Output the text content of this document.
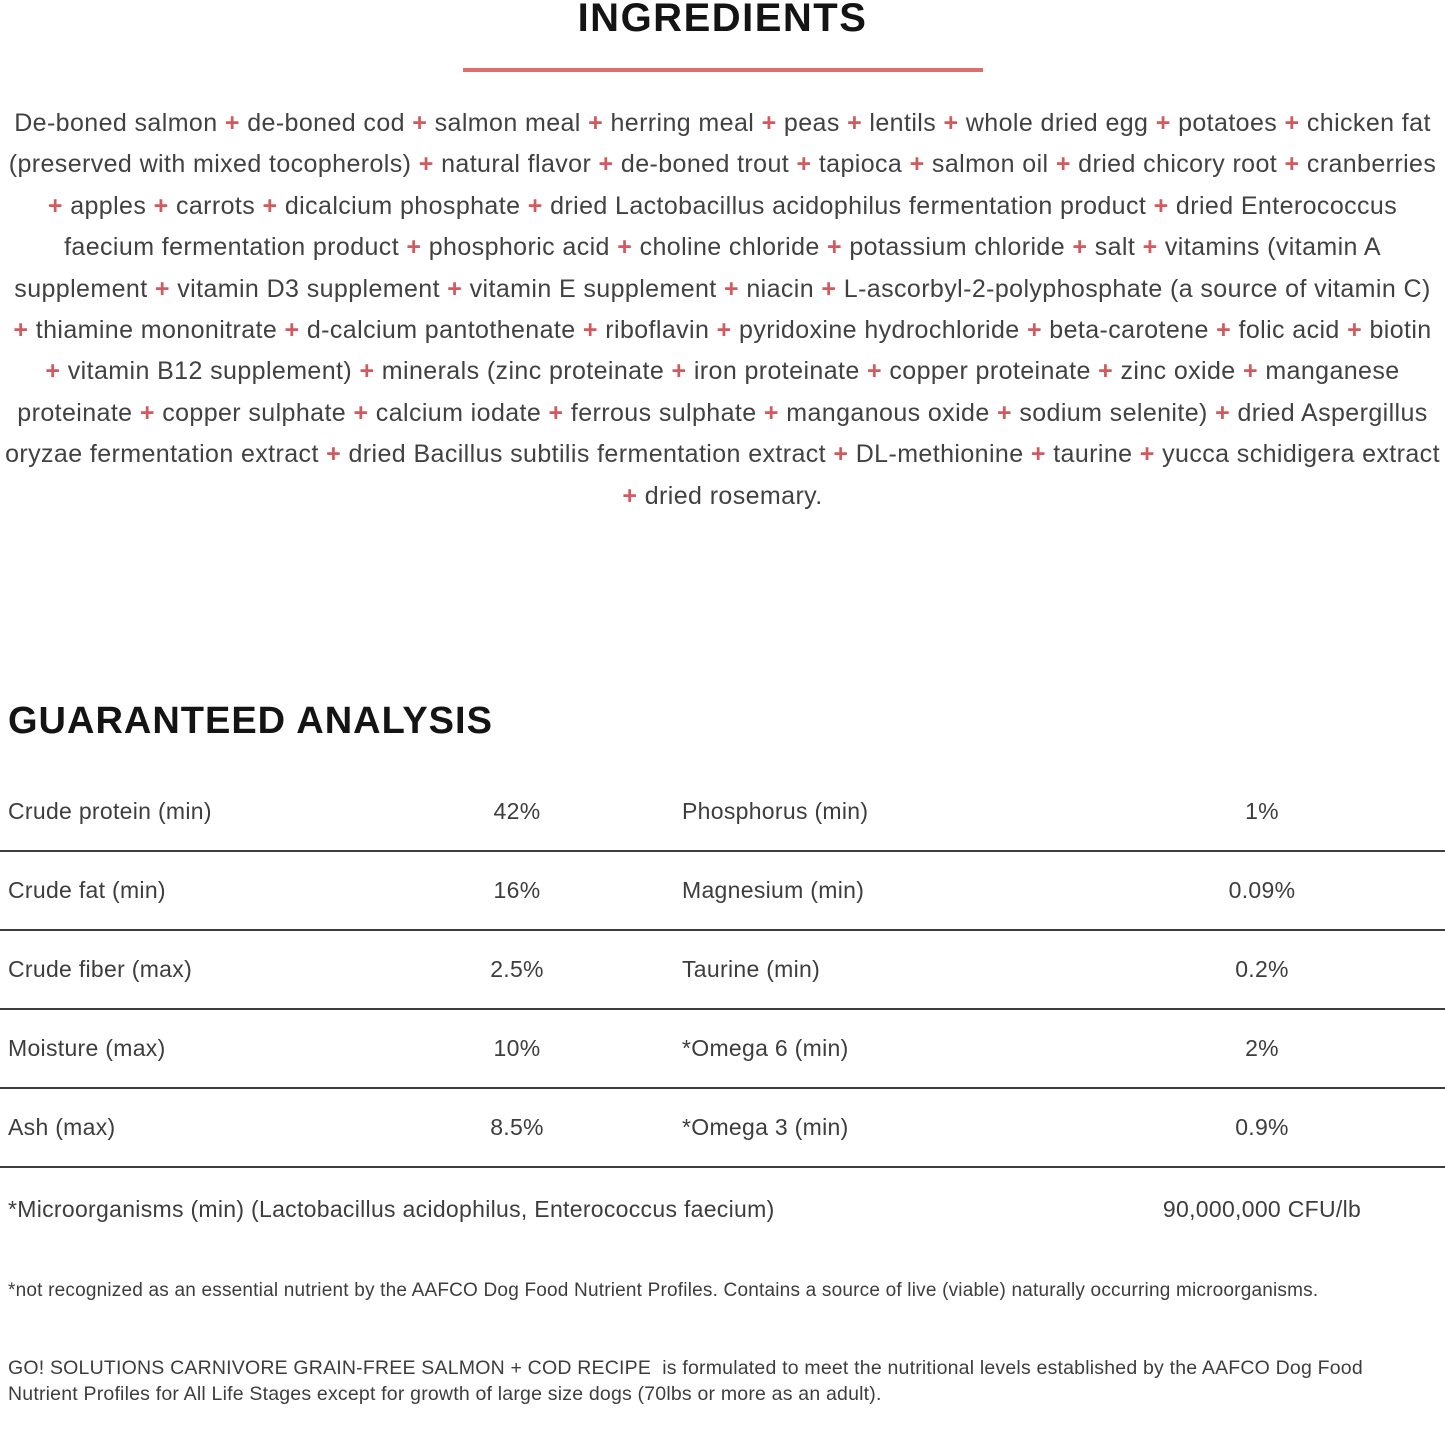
INGREDIENTS

De-boned salmon + de-boned cod + salmon meal + herring meal + peas + lentils + whole dried egg + potatoes + chicken fat (preserved with mixed tocopherols) + natural flavor + de-boned trout + tapioca + salmon oil + dried chicory root + cranberries + apples + carrots + dicalcium phosphate + dried Lactobacillus acidophilus fermentation product + dried Enterococcus faecium fermentation product + phosphoric acid + choline chloride + potassium chloride + salt + vitamins (vitamin A supplement + vitamin D3 supplement + vitamin E supplement + niacin + L-ascorbyl-2-polyphosphate (a source of vitamin C) + thiamine mononitrate + d-calcium pantothenate + riboflavin + pyridoxine hydrochloride + beta-carotene + folic acid + biotin + vitamin B12 supplement) + minerals (zinc proteinate + iron proteinate + copper proteinate + zinc oxide + manganese proteinate + copper sulphate + calcium iodate + ferrous sulphate + manganous oxide + sodium selenite) + dried Aspergillus oryzae fermentation extract + dried Bacillus subtilis fermentation extract + DL-methionine + taurine + yucca schidigera extract + dried rosemary.

GUARANTEED ANALYSIS
Crude protein (min)	42%	Phosphorus (min)	1%
Crude fat (min)	16%	Magnesium (min)	0.09%
Crude fiber (max)	2.5%	Taurine (min)	0.2%
Moisture (max)	10%	*Omega 6 (min)	2%
Ash (max)	8.5%	*Omega 3 (min)	0.9%
*Microorganisms (min) (Lactobacillus acidophilus, Enterococcus faecium)	90,000,000 CFU/lb

*not recognized as an essential nutrient by the AAFCO Dog Food Nutrient Profiles. Contains a source of live (viable) naturally occurring microorganisms.

GO! SOLUTIONS CARNIVORE GRAIN-FREE SALMON + COD RECIPE  is formulated to meet the nutritional levels established by the AAFCO Dog Food Nutrient Profiles for All Life Stages except for growth of large size dogs (70lbs or more as an adult).
